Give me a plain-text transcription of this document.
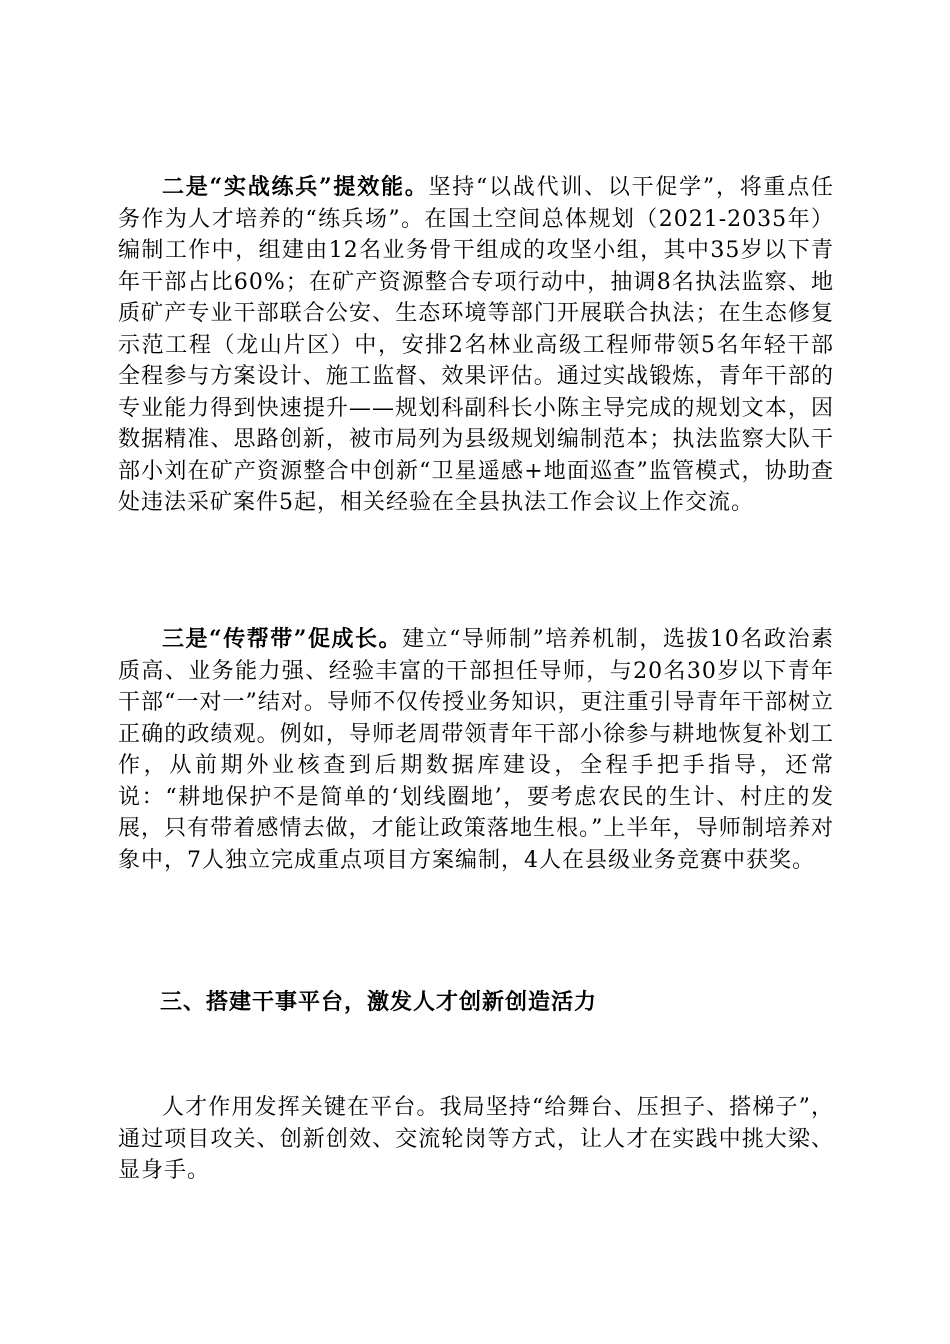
二是“实战练兵”提效能。坚持“以战代训、以干促学”，将重点任务作为人才培养的“练兵场”。在国土空间总体规划（2021-2035年）编制工作中，组建由12名业务骨干组成的攻坚小组，其中35岁以下青年干部占比60%；在矿产资源整合专项行动中，抽调8名执法监察、地质矿产专业干部联合公安、生态环境等部门开展联合执法；在生态修复示范工程（龙山片区）中，安排2名林业高级工程师带领5名年轻干部全程参与方案设计、施工监督、效果评估。通过实战锻炼，青年干部的专业能力得到快速提升——规划科副科长小陈主导完成的规划文本，因数据精准、思路创新，被市局列为县级规划编制范本；执法监察大队干部小刘在矿产资源整合中创新“卫星遥感+地面巡查”监管模式，协助查处违法采矿案件5起，相关经验在全县执法工作会议上作交流。

三是“传帮带”促成长。建立“导师制”培养机制，选拔10名政治素质高、业务能力强、经验丰富的干部担任导师，与20名30岁以下青年干部“一对一”结对。导师不仅传授业务知识，更注重引导青年干部树立正确的政绩观。例如，导师老周带领青年干部小徐参与耕地恢复补划工作，从前期外业核查到后期数据库建设，全程手把手指导，还常说：“耕地保护不是简单的‘划线圈地’，要考虑农民的生计、村庄的发展，只有带着感情去做，才能让政策落地生根。”上半年，导师制培养对象中，7人独立完成重点项目方案编制，4人在县级业务竞赛中获奖。

三、搭建干事平台，激发人才创新创造活力

人才作用发挥关键在平台。我局坚持“给舞台、压担子、搭梯子”，通过项目攻关、创新创效、交流轮岗等方式，让人才在实践中挑大梁、显身手。
